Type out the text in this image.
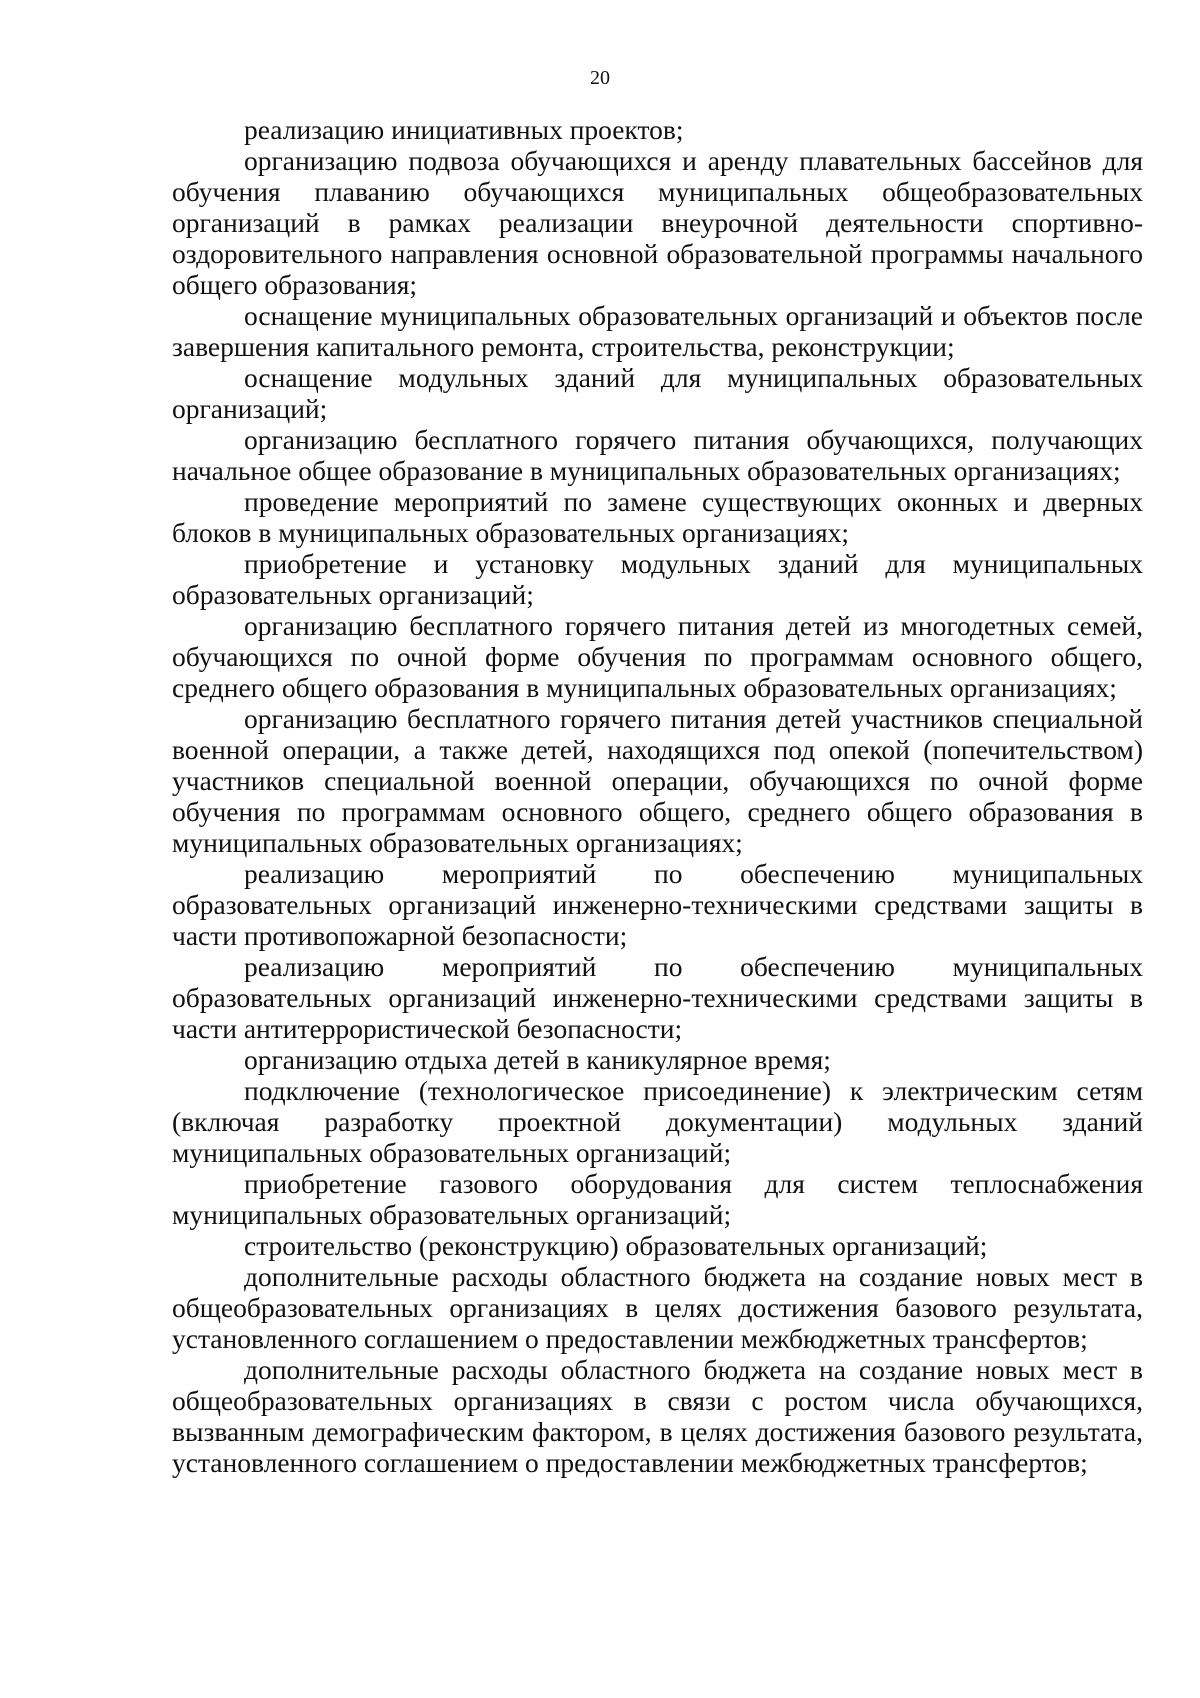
20

реализацию инициативных проектов;

организацию подвоза обучающихся и аренду плавательных бассейнов для обучения плаванию обучающихся муниципальных общеобразовательных организаций в рамках реализации внеурочной деятельности спортивно-оздоровительного направления основной образовательной программы начального общего образования;

оснащение муниципальных образовательных организаций и объектов после завершения капитального ремонта, строительства, реконструкции;

оснащение модульных зданий для муниципальных образовательных организаций;

организацию бесплатного горячего питания обучающихся, получающих начальное общее образование в муниципальных образовательных организациях;

проведение мероприятий по замене существующих оконных и дверных блоков в муниципальных образовательных организациях;

приобретение и установку модульных зданий для муниципальных образовательных организаций;

организацию бесплатного горячего питания детей из многодетных семей, обучающихся по очной форме обучения по программам основного общего, среднего общего образования в муниципальных образовательных организациях;

организацию бесплатного горячего питания детей участников специальной военной операции, а также детей, находящихся под опекой (попечительством) участников специальной военной операции, обучающихся по очной форме обучения по программам основного общего, среднего общего образования в муниципальных образовательных организациях;

реализацию мероприятий по обеспечению муниципальных образовательных организаций инженерно-техническими средствами защиты в части противопожарной безопасности;

реализацию мероприятий по обеспечению муниципальных образовательных организаций инженерно-техническими средствами защиты в части антитеррористической безопасности;

организацию отдыха детей в каникулярное время;

подключение (технологическое присоединение) к электрическим сетям (включая разработку проектной документации) модульных зданий муниципальных образовательных организаций;

приобретение газового оборудования для систем теплоснабжения муниципальных образовательных организаций;

строительство (реконструкцию) образовательных организаций;

дополнительные расходы областного бюджета на создание новых мест в общеобразовательных организациях в целях достижения базового результата, установленного соглашением о предоставлении межбюджетных трансфертов;

дополнительные расходы областного бюджета на создание новых мест в общеобразовательных организациях в связи с ростом числа обучающихся, вызванным демографическим фактором, в целях достижения базового результата, установленного соглашением о предоставлении межбюджетных трансфертов;
